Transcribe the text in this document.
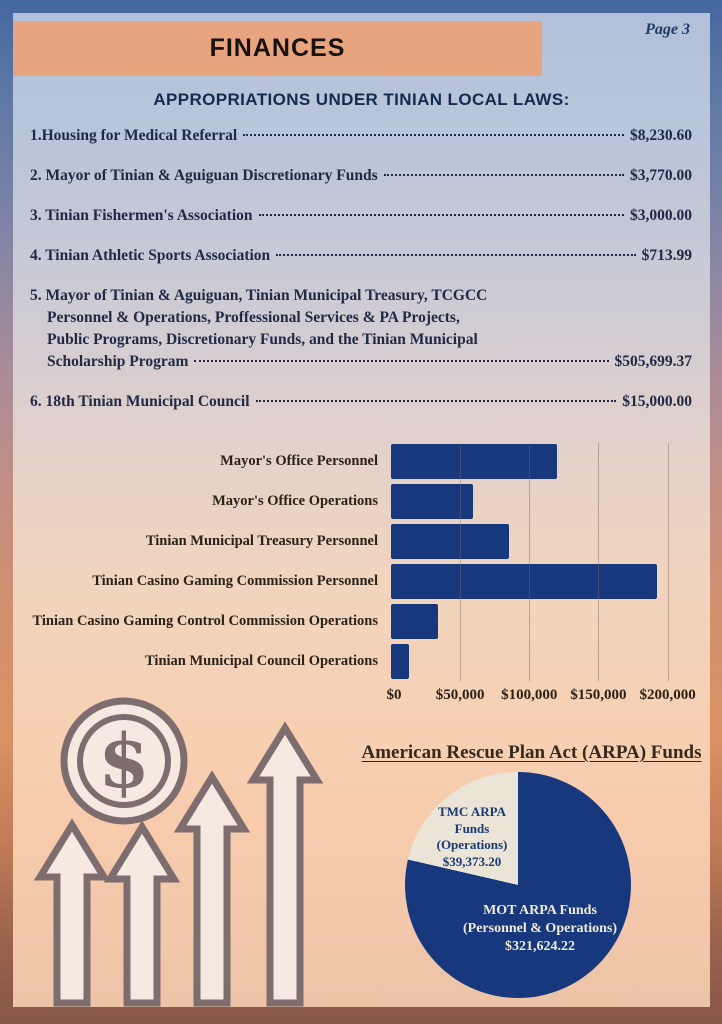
Page 3
FINANCES
APPROPRIATIONS UNDER TINIAN LOCAL LAWS:
1.Housing for Medical Referral	$8,230.60
2. Mayor of Tinian & Aguiguan Discretionary Funds	$3,770.00
3. Tinian Fishermen's Association	$3,000.00
4. Tinian Athletic Sports Association	$713.99
5. Mayor of Tinian & Aguiguan, Tinian Municipal Treasury, TCGCC
Personnel & Operations, Proffessional Services & PA Projects,
Public Programs, Discretionary Funds, and the Tinian Municipal
Scholarship Program	$505,699.37
6. 18th Tinian Municipal Council	$15,000.00
Mayor's Office Personnel
Mayor's Office Operations
Tinian Municipal Treasury Personnel
Tinian Casino Gaming Commission Personnel
Tinian Casino Gaming Control Commission Operations
Tinian Municipal Council Operations
$0 $50,000 $100,000 $150,000 $200,000
$	American Rescue Plan Act (ARPA) Funds
MOT ARPA Funds
(Personnel & Operations)
$321,624.22
TMC ARPA
Funds
(Operations)
$39,373.20
